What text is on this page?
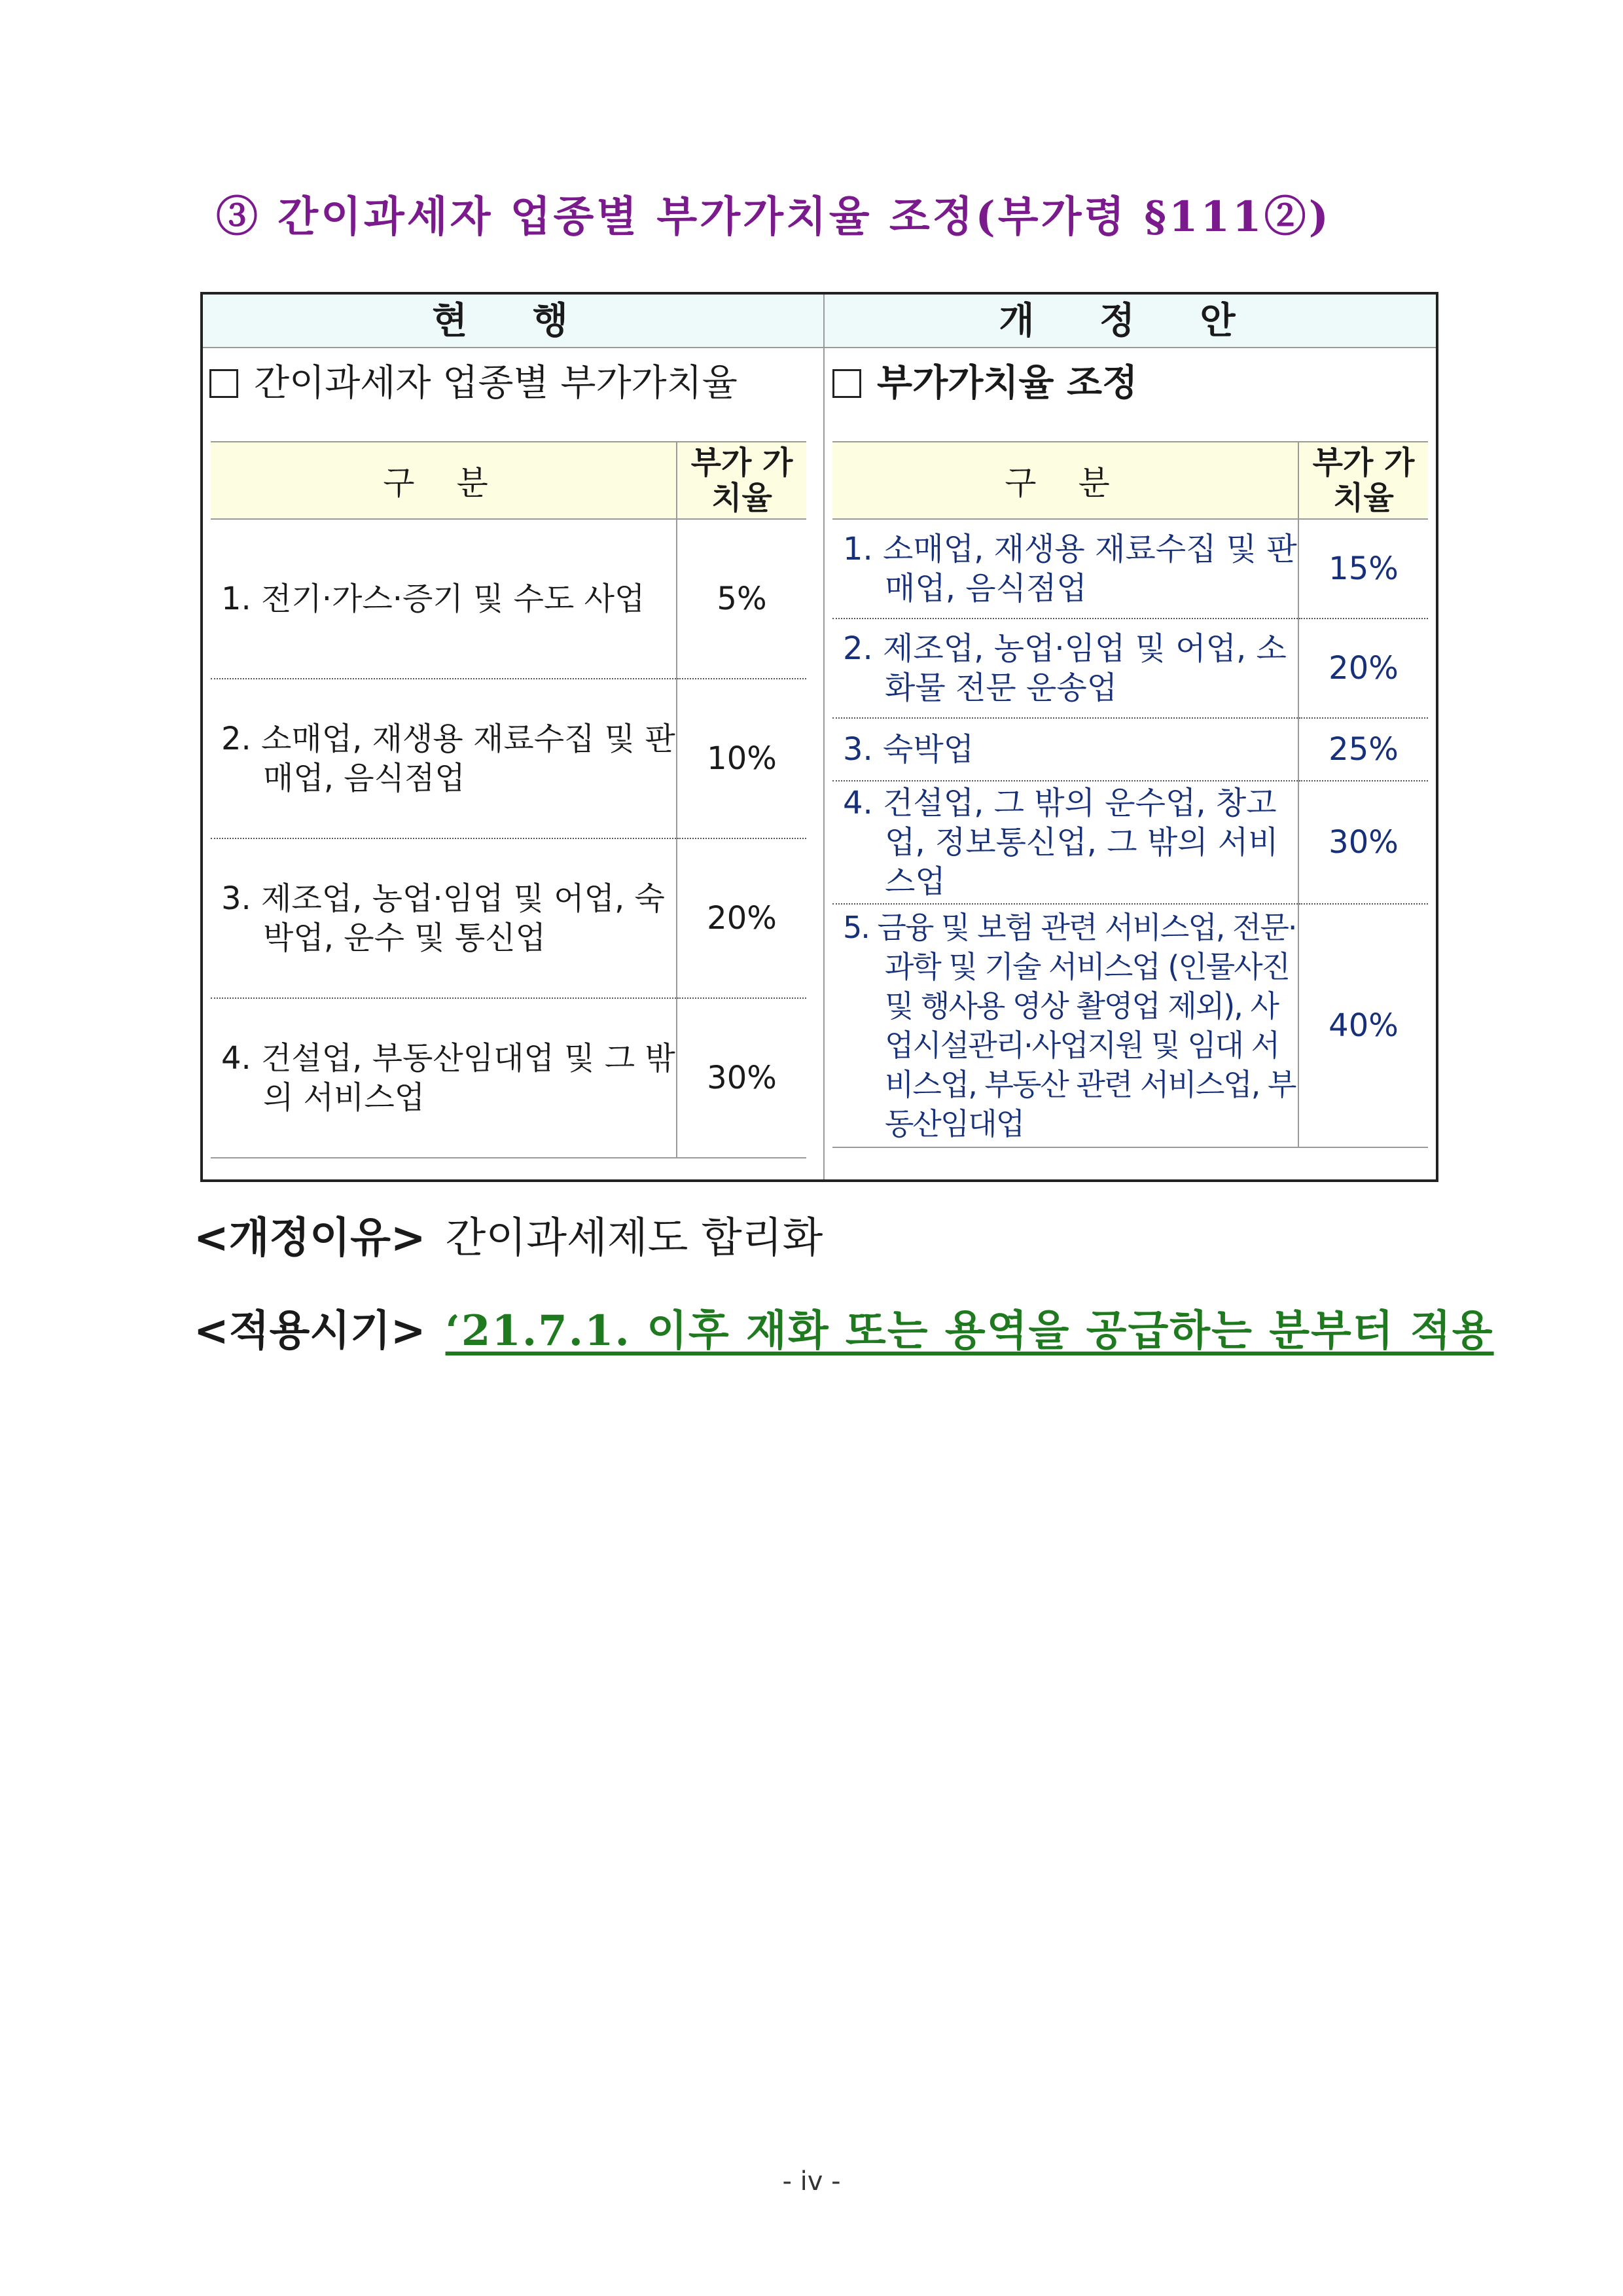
③ 간이과세자 업종별 부가가치율 조정(부가령 §111②)
현 행	개 정 안
간이과세자 업종별 부가가치율	부가가치율 조정
구 분	부가 가치율
1. 전기·가스·증기 및 수도 사업	5%
2. 소매업, 재생용 재료수집 및 판매업, 음식점업	10%
3. 제조업, 농업·임업 및 어업, 숙박업, 운수 및 통신업	20%
4. 건설업, 부동산임대업 및 그 밖의 서비스업	30%
구 분	부가 가치율
1. 소매업, 재생용 재료수집 및 판매업, 음식점업	15%
2. 제조업, 농업·임업 및 어업, 소화물 전문 운송업	20%
3. 숙박업	25%
4. 건설업, 그 밖의 운수업, 창고업, 정보통신업, 그 밖의 서비스업	30%
5. 금융 및 보험 관련 서비스업, 전문·과학 및 기술 서비스업 (인물사진 및 행사용 영상 촬영업 제외), 사업시설관리·사업지원 및 임대 서비스업, 부동산 관련 서비스업, 부동산임대업	40%
<개정이유> 간이과세제도 합리화
<적용시기> ‘21.7.1. 이후 재화 또는 용역을 공급하는 분부터 적용
- iv -
